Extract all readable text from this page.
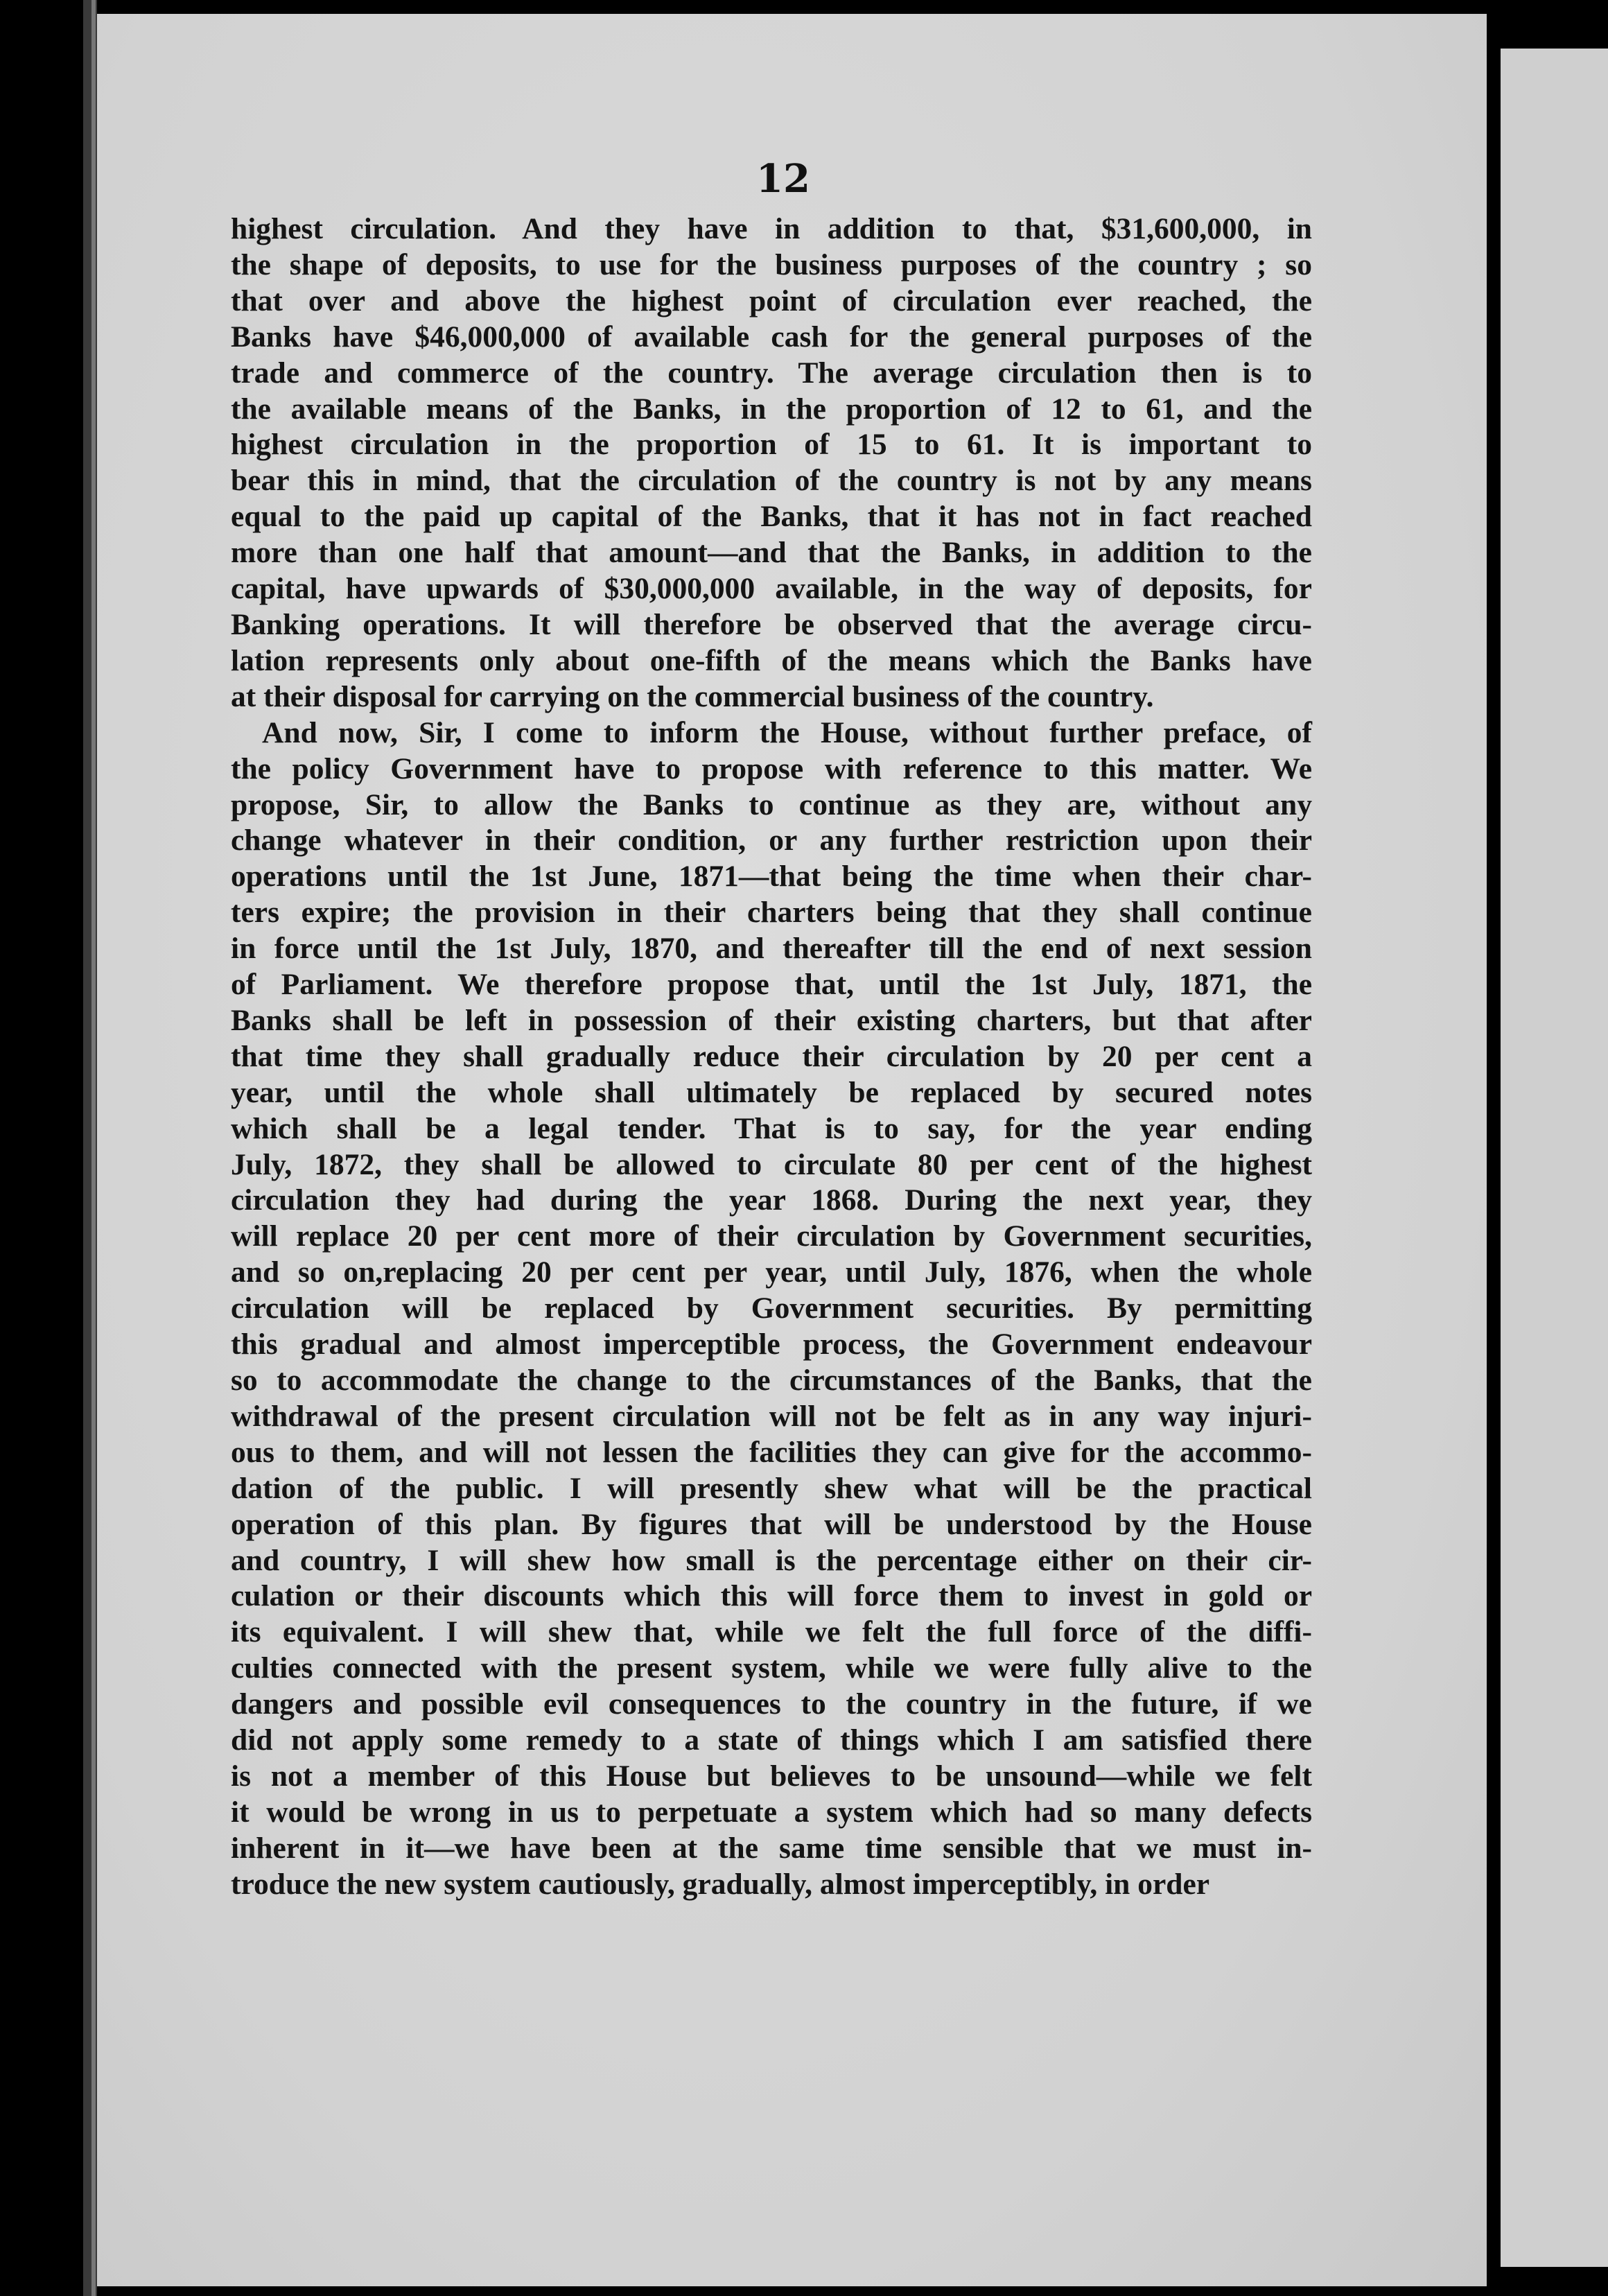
12
highest circulation. And they have in addition to that, $31,600,000, in
the shape of deposits, to use for the business purposes of the country ; so
that over and above the highest point of circulation ever reached, the
Banks have $46,000,000 of available cash for the general purposes of the
trade and commerce of the country. The average circulation then is to
the available means of the Banks, in the proportion of 12 to 61, and the
highest circulation in the proportion of 15 to 61. It is important to
bear this in mind, that the circulation of the country is not by any means
equal to the paid up capital of the Banks, that it has not in fact reached
more than one half that amount—and that the Banks, in addition to the
capital, have upwards of $30,000,000 available, in the way of deposits, for
Banking operations. It will therefore be observed that the average circu-
lation represents only about one-fifth of the means which the Banks have
at their disposal for carrying on the commercial business of the country.
And now, Sir, I come to inform the House, without further preface, of
the policy Government have to propose with reference to this matter. We
propose, Sir, to allow the Banks to continue as they are, without any
change whatever in their condition, or any further restriction upon their
operations until the 1st June, 1871—that being the time when their char-
ters expire; the provision in their charters being that they shall continue
in force until the 1st July, 1870, and thereafter till the end of next session
of Parliament. We therefore propose that, until the 1st July, 1871, the
Banks shall be left in possession of their existing charters, but that after
that time they shall gradually reduce their circulation by 20 per cent a
year, until the whole shall ultimately be replaced by secured notes
which shall be a legal tender. That is to say, for the year ending
July, 1872, they shall be allowed to circulate 80 per cent of the highest
circulation they had during the year 1868. During the next year, they
will replace 20 per cent more of their circulation by Government securities,
and so on,replacing 20 per cent per year, until July, 1876, when the whole
circulation will be replaced by Government securities. By permitting
this gradual and almost imperceptible process, the Government endeavour
so to accommodate the change to the circumstances of the Banks, that the
withdrawal of the present circulation will not be felt as in any way injuri-
ous to them, and will not lessen the facilities they can give for the accommo-
dation of the public. I will presently shew what will be the practical
operation of this plan. By figures that will be understood by the House
and country, I will shew how small is the percentage either on their cir-
culation or their discounts which this will force them to invest in gold or
its equivalent. I will shew that, while we felt the full force of the diffi-
culties connected with the present system, while we were fully alive to the
dangers and possible evil consequences to the country in the future, if we
did not apply some remedy to a state of things which I am satisfied there
is not a member of this House but believes to be unsound—while we felt
it would be wrong in us to perpetuate a system which had so many defects
inherent in it—we have been at the same time sensible that we must in-
troduce the new system cautiously, gradually, almost imperceptibly, in order
